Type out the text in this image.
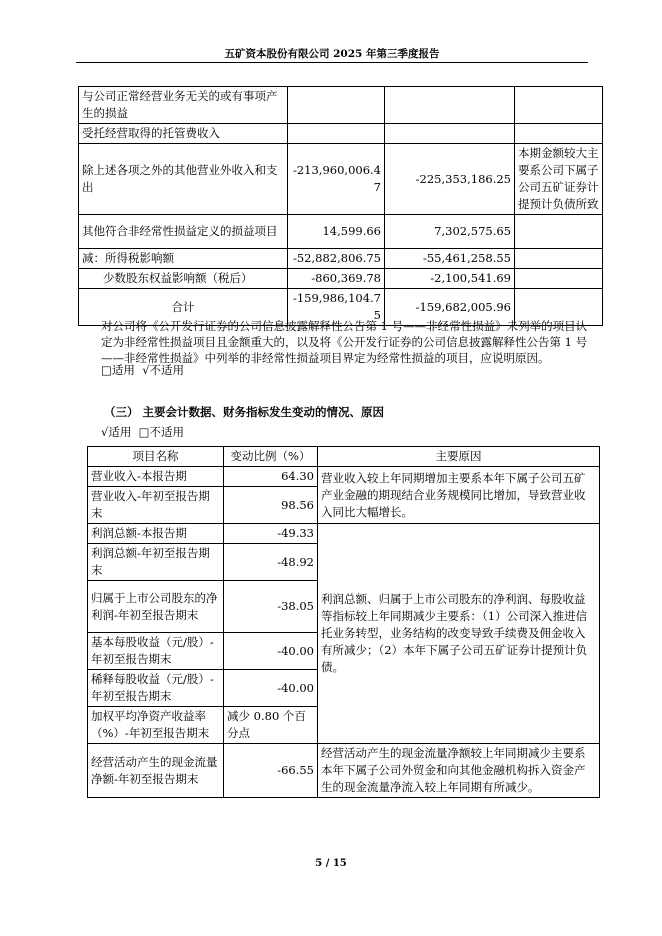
五矿资本股份有限公司 2025 年第三季度报告
与公司正常经营业务无关的或有事项产生的损益			
受托经营取得的托管费收入			
除上述各项之外的其他营业外收入和支出	-213,960,006.47	-225,353,186.25	本期金额较大主要系公司下属子公司五矿证券计提预计负债所致
其他符合非经常性损益定义的损益项目	14,599.66	7,302,575.65	
减：所得税影响额	-52,882,806.75	-55,461,258.55	
少数股东权益影响额（税后）	-860,369.78	-2,100,541.69	
合计	-159,986,104.75	-159,682,005.96	
对公司将《公开发行证券的公司信息披露解释性公告第 1 号——非经常性损益》未列举的项目认定为非经常性损益项目且金额重大的，以及将《公开发行证券的公司信息披露解释性公告第 1 号——非经常性损益》中列举的非经常性损益项目界定为经常性损益的项目，应说明原因。
□适用 √不适用
（三） 主要会计数据、财务指标发生变动的情况、原因
√适用 □不适用
项目名称	变动比例（%）	主要原因
营业收入-本报告期	64.30	营业收入较上年同期增加主要系本年下属子公司五矿产业金融的期现结合业务规模同比增加，导致营业收入同比大幅增长。
营业收入-年初至报告期末	98.56	
利润总额-本报告期	-49.33	利润总额、归属于上市公司股东的净利润、每股收益等指标较上年同期减少主要系：（1）公司深入推进信托业务转型，业务结构的改变导致手续费及佣金收入有所减少；（2）本年下属子公司五矿证券计提预计负债。
利润总额-年初至报告期末	-48.92	
归属于上市公司股东的净利润-年初至报告期末	-38.05	
基本每股收益（元/股）-年初至报告期末	-40.00	
稀释每股收益（元/股）-年初至报告期末	-40.00	
加权平均净资产收益率（%）-年初至报告期末	减少 0.80 个百分点	
经营活动产生的现金流量净额-年初至报告期末	-66.55	经营活动产生的现金流量净额较上年同期减少主要系本年下属子公司外贸金和向其他金融机构拆入资金产生的现金流量净流入较上年同期有所减少。
5 / 15
